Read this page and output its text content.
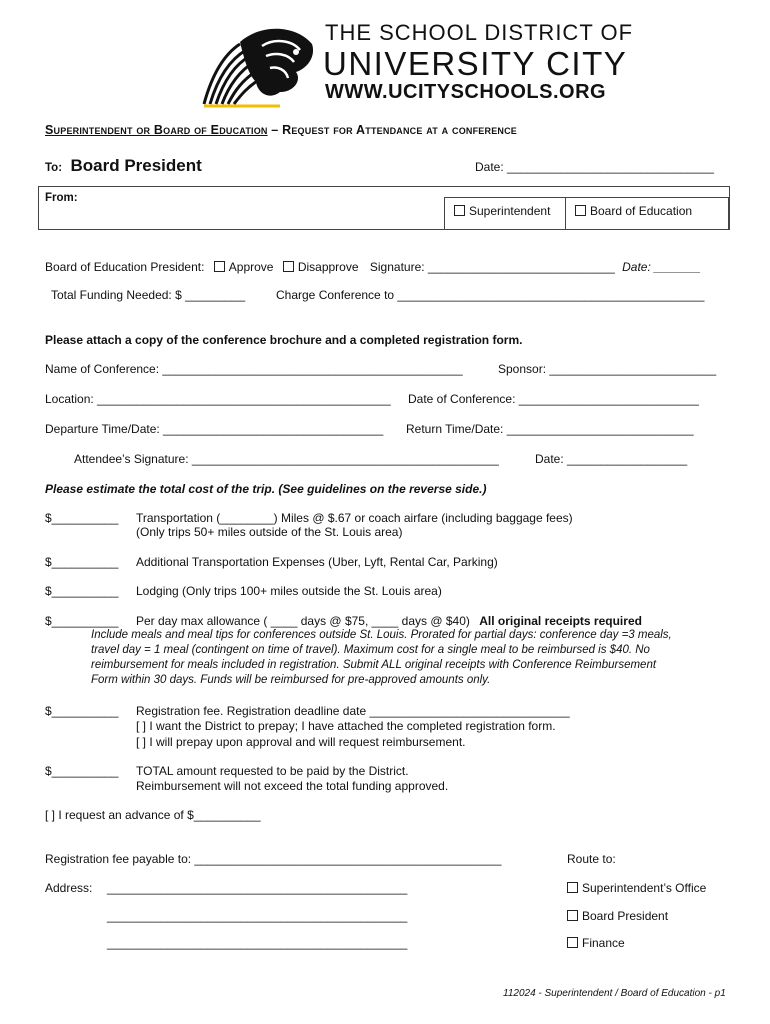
THE SCHOOL DISTRICT OF
UNIVERSITY CITY
WWW.UCITYSCHOOLS.ORG
Superintendent or Board of Education – Request for Attendance at a conference
To: Board President	Date: _______________________________
From:
Superintendent	Board of Education
Board of Education President: Approve Disapprove Signature: ____________________________ Date: _______
Total Funding Needed: $ _________	Charge Conference to ______________________________________________
Please attach a copy of the conference brochure and a completed registration form.
Name of Conference: _____________________________________________	Sponsor: _________________________
Location: ____________________________________________ Date of Conference: ___________________________
Departure Time/Date: _________________________________ Return Time/Date: ____________________________
Attendee’s Signature: ______________________________________________	Date: __________________
Please estimate the total cost of the trip. (See guidelines on the reverse side.)
$__________ Transportation (________) Miles @ $.67 or coach airfare (including baggage fees)
(Only trips 50+ miles outside of the St. Louis area)
$__________ Additional Transportation Expenses (Uber, Lyft, Rental Car, Parking)
$__________ Lodging (Only trips 100+ miles outside the St. Louis area)
$__________ Per day max allowance ( ____ days @ $75, ____ days @ $40) All original receipts required
Include meals and meal tips for conferences outside St. Louis. Prorated for partial days: conference day =3 meals,
travel day = 1 meal (contingent on time of travel). Maximum cost for a single meal to be reimbursed is $40. No
reimbursement for meals included in registration. Submit ALL original receipts with Conference Reimbursement
Form within 30 days. Funds will be reimbursed for pre-approved amounts only.
$__________ Registration fee. Registration deadline date ______________________________
[ ] I want the District to prepay; I have attached the completed registration form.
[ ] I will prepay upon approval and will request reimbursement.
$__________ TOTAL amount requested to be paid by the District.
Reimbursement will not exceed the total funding approved.
[ ] I request an advance of $__________
Registration fee payable to: ______________________________________________
Address: _____________________________________________
_____________________________________________
_____________________________________________
Route to:
Superintendent’s Office
Board President
Finance
112024 - Superintendent / Board of Education - p1
